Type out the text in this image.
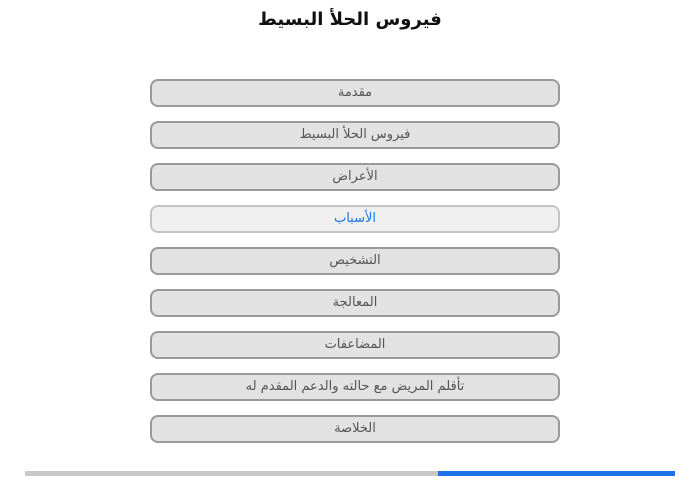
فيروس الحلأ البسيط
مقدمة
فيروس الحلأ البسيط
الأعراض
الأسباب
التشخيص
المعالجة
المضاعفات
تأقلم المريض مع حالته والدعم المقدم له
الخلاصة
